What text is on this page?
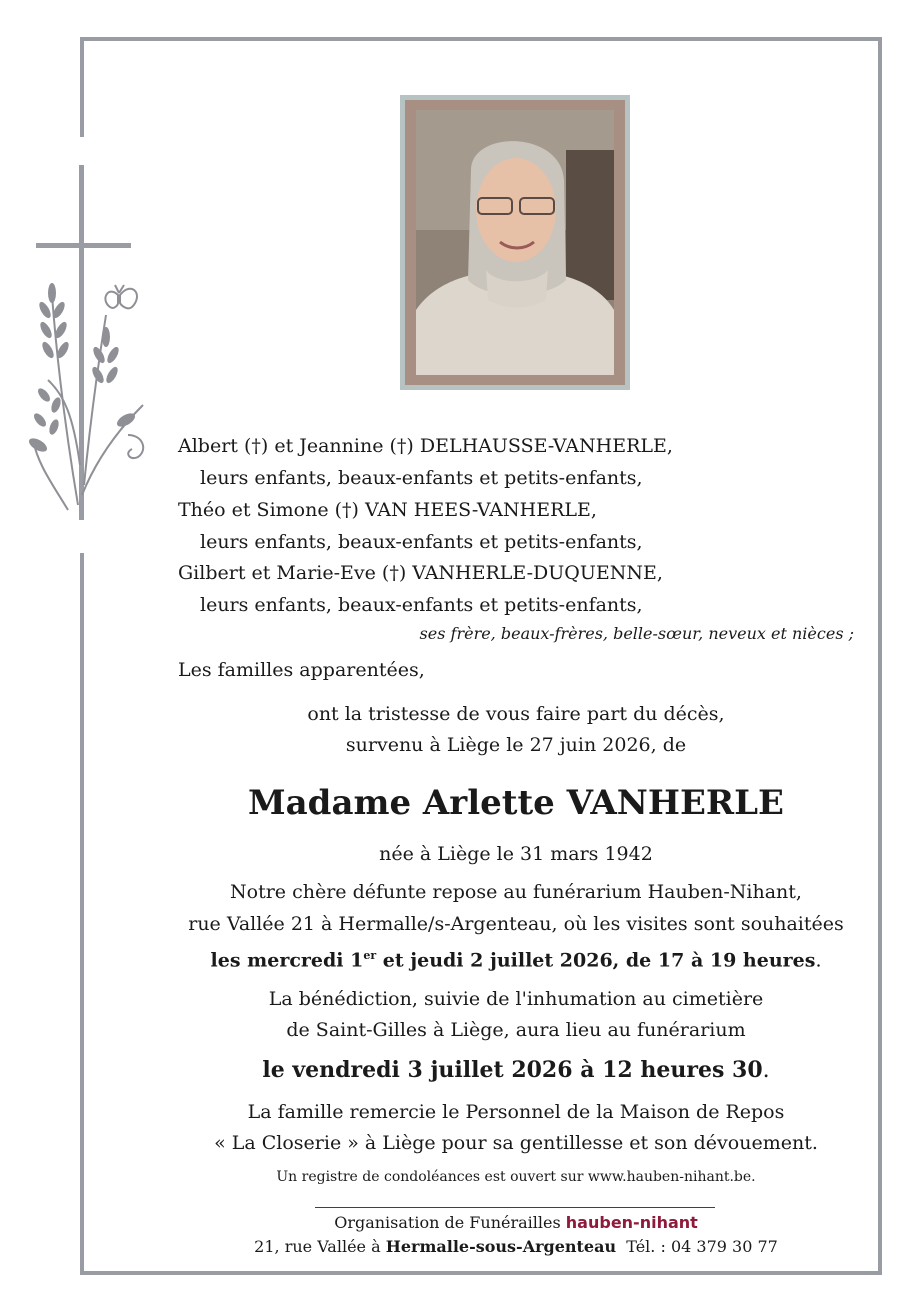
Albert (†) et Jeannine (†) DELHAUSSE-VANHERLE,
leurs enfants, beaux-enfants et petits-enfants,
Théo et Simone (†) VAN HEES-VANHERLE,
leurs enfants, beaux-enfants et petits-enfants,
Gilbert et Marie-Eve (†) VANHERLE-DUQUENNE,
leurs enfants, beaux-enfants et petits-enfants,
ses frère, beaux-frères, belle-sœur, neveux et nièces ;
Les familles apparentées,
ont la tristesse de vous faire part du décès,
survenu à Liège le 27 juin 2026, de
Madame Arlette VANHERLE
née à Liège le 31 mars 1942
Notre chère défunte repose au funérarium Hauben-Nihant,
rue Vallée 21 à Hermalle/s-Argenteau, où les visites sont souhaitées
les mercredi 1er et jeudi 2 juillet 2026, de 17 à 19 heures.
La bénédiction, suivie de l'inhumation au cimetière
de Saint-Gilles à Liège, aura lieu au funérarium
le vendredi 3 juillet 2026 à 12 heures 30.
La famille remercie le Personnel de la Maison de Repos
« La Closerie » à Liège pour sa gentillesse et son dévouement.
Un registre de condoléances est ouvert sur www.hauben-nihant.be.
Organisation de Funérailles hauben-nihant
21, rue Vallée à Hermalle-sous-Argenteau Tél. : 04 379 30 77
